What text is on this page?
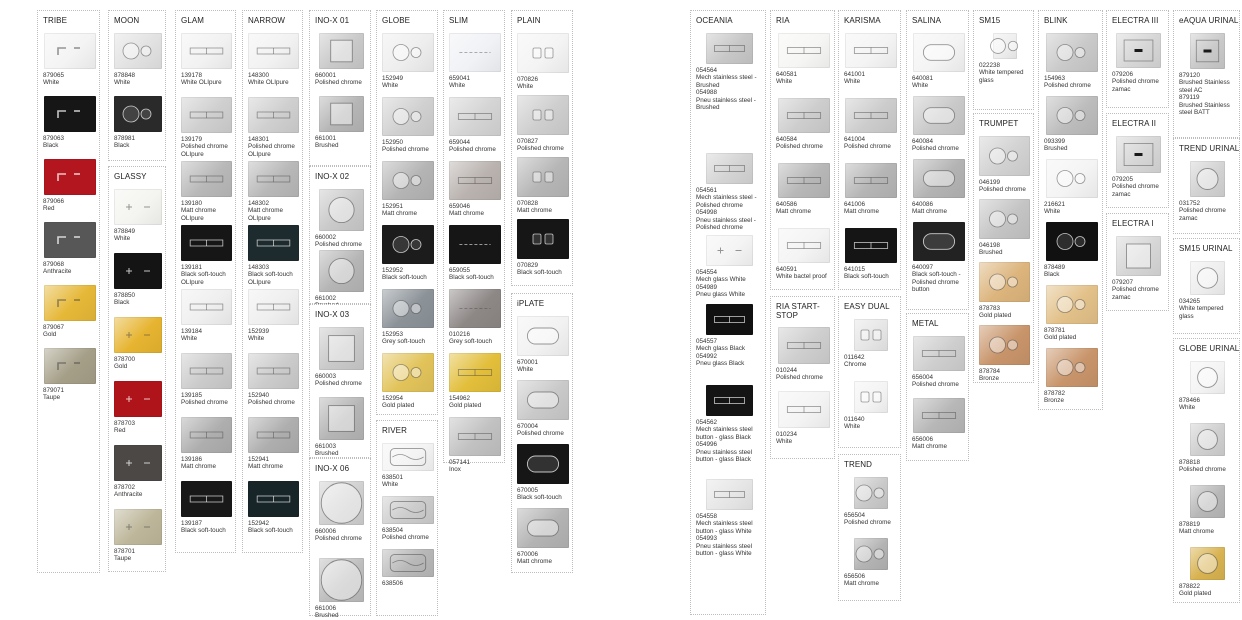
TRIBE
879065
White
879063
Black
879066
Red
879068
Anthracite
879067
Gold
879071
Taupe
MOON
878848
White
878981
Black
GLASSY
878849
White
878850
Black
878700
Gold
878703
Red
878702
Anthracite
878701
Taupe
GLAM
139178
White OLIpure
139179
Polished chrome OLIpure
139180
Matt chrome OLIpure
139181
Black soft-touch OLIpure
139184
White
139185
Polished chrome
139186
Matt chrome
139187
Black soft-touch
NARROW
148300
White OLIpure
148301
Polished chrome OLIpure
148302
Matt chrome OLIpure
148303
Black soft-touch OLIpure
152939
White
152940
Polished chrome
152941
Matt chrome
152942
Black soft-touch
INO-X 01
660001
Polished chrome
661001
Brushed
INO-X 02
660002
Polished chrome
661002
INO-X 03
660003
Polished chrome
661003
Brushed
INO-X 06
660006
Polished chrome
661006
Brushed
GLOBE
152949
White
152950
Polished chrome
152951
Matt chrome
152952
Black soft-touch
152953
Grey soft-touch
152954
Gold plated
RIVER
638501
White
638504
Polished chrome
638506
SLIM
659041
White
659044
Polished chrome
659046
Matt chrome
659055
Black soft-touch
010216
Grey soft-touch
154962
Gold plated
057141
Inox
PLAIN
070826
White
070827
Polished chrome
070828
Matt chrome
070829
Black soft-touch
iPLATE
670001
White
670004
Polished chrome
670005
Black soft-touch
670006
Matt chrome
OCEANIA
054564
Mech stainless steel - Brushed
054988
Pneu stainless steel - Brushed
054561
Mech stainless steel - Polished chrome
054998
Pneu stainless steel - Polished chrome
054554
Mech glass White
054989
Pneu glass White
054557
Mech glass Black
054992
Pneu glass Black
054562
Mech stainless steel button - glass Black
054996
Pneu stainless steel button - glass Black
054558
Mech stainless steel button - glass White
054993
Pneu stainless steel button - glass White
RIA
640581
White
640584
Polished chrome
640586
Matt chrome
640591
White bactel proof
RIA START-STOP
010244
Polished chrome
010234
White
KARISMA
641001
White
641004
Polished chrome
641006
Matt chrome
641015
Black soft-touch
EASY DUAL
011642
Chrome
011640
White
TREND
656504
Polished chrome
656506
Matt chrome
SALINA
640081
White
640084
Polished chrome
640086
Matt chrome
640097
Black soft-touch - Polished chrome button
METAL
656004
Polished chrome
656006
Matt chrome
SM15
022238
White tempered glass
TRUMPET
046199
Polished chrome
046198
Brushed
878783
Gold plated
878784
Bronze
BLINK
154963
Polished chrome
093399
Brushed
216621
White
878489
Black
878781
Gold plated
878782
Bronze
ELECTRA III
079206
Polished chrome zamac
ELECTRA II
079205
Polished chrome zamac
ELECTRA I
079207
Polished chrome zamac
eAQUA URINAL
879120
Brushed Stainless steel AC
879119
Brushed Stainless steel BATT
TREND URINAL
031752
Polished chrome zamac
SM15 URINAL
034265
White tempered glass
GLOBE URINAL
878466
White
878818
Polished chrome
878819
Matt chrome
878822
Gold plated
